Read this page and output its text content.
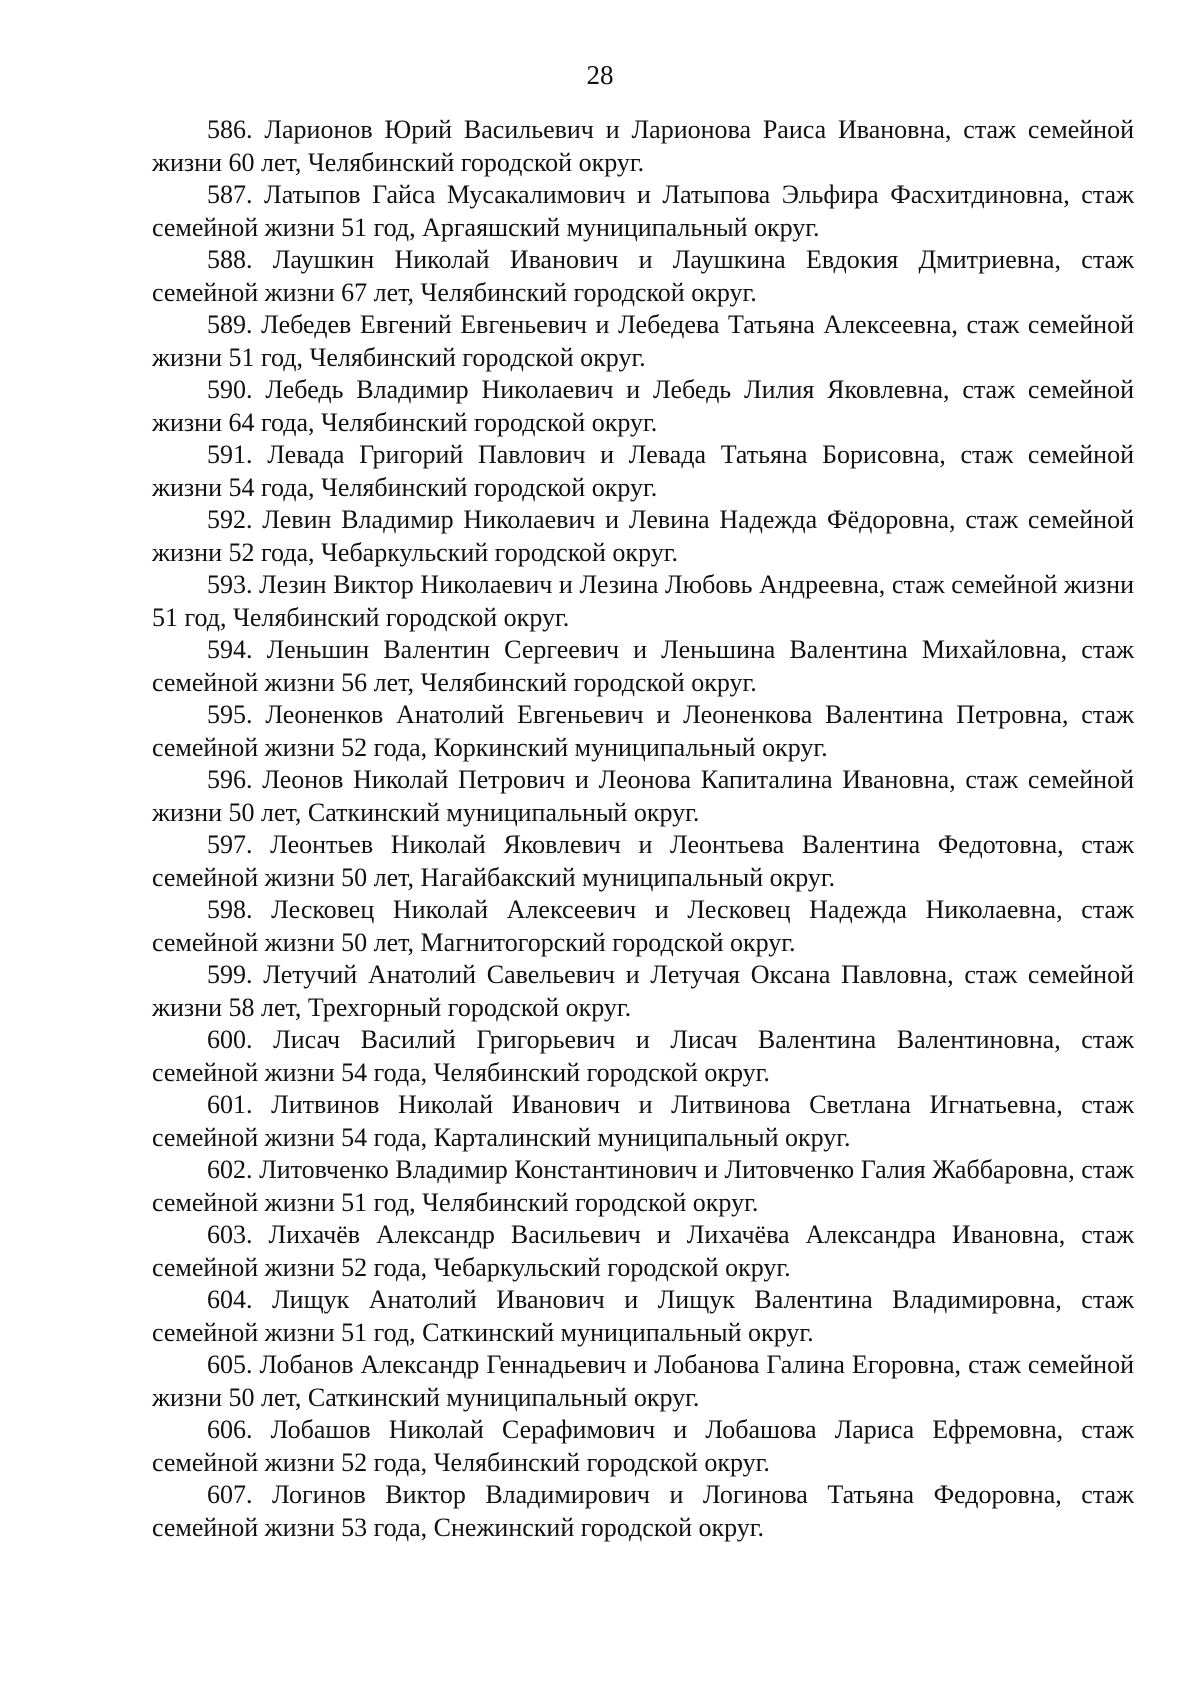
28
586. Ларионов Юрий Васильевич и Ларионова Раиса Ивановна, стаж семейной жизни 60 лет, Челябинский городской округ.
587. Латыпов Гайса Мусакалимович и Латыпова Эльфира Фасхитдиновна, стаж семейной жизни 51 год, Аргаяшский муниципальный округ.
588. Лаушкин Николай Иванович и Лаушкина Евдокия Дмитриевна, стаж семейной жизни 67 лет, Челябинский городской округ.
589. Лебедев Евгений Евгеньевич и Лебедева Татьяна Алексеевна, стаж семейной жизни 51 год, Челябинский городской округ.
590. Лебедь Владимир Николаевич и Лебедь Лилия Яковлевна, стаж семейной жизни 64 года, Челябинский городской округ.
591. Левада Григорий Павлович и Левада Татьяна Борисовна, стаж семейной жизни 54 года, Челябинский городской округ.
592. Левин Владимир Николаевич и Левина Надежда Фёдоровна, стаж семейной жизни 52 года, Чебаркульский городской округ.
593. Лезин Виктор Николаевич и Лезина Любовь Андреевна, стаж семейной жизни 51 год, Челябинский городской округ.
594. Леньшин Валентин Сергеевич и Леньшина Валентина Михайловна, стаж семейной жизни 56 лет, Челябинский городской округ.
595. Леоненков Анатолий Евгеньевич и Леоненкова Валентина Петровна, стаж семейной жизни 52 года, Коркинский муниципальный округ.
596. Леонов Николай Петрович и Леонова Капиталина Ивановна, стаж семейной жизни 50 лет, Саткинский муниципальный округ.
597. Леонтьев Николай Яковлевич и Леонтьева Валентина Федотовна, стаж семейной жизни 50 лет, Нагайбакский муниципальный округ.
598. Лесковец Николай Алексеевич и Лесковец Надежда Николаевна, стаж семейной жизни 50 лет, Магнитогорский городской округ.
599. Летучий Анатолий Савельевич и Летучая Оксана Павловна, стаж семейной жизни 58 лет, Трехгорный городской округ.
600. Лисач Василий Григорьевич и Лисач Валентина Валентиновна, стаж семейной жизни 54 года, Челябинский городской округ.
601. Литвинов Николай Иванович и Литвинова Светлана Игнатьевна, стаж семейной жизни 54 года, Карталинский муниципальный округ.
602. Литовченко Владимир Константинович и Литовченко Галия Жаббаровна, стаж семейной жизни 51 год, Челябинский городской округ.
603. Лихачёв Александр Васильевич и Лихачёва Александра Ивановна, стаж семейной жизни 52 года, Чебаркульский городской округ.
604. Лищук Анатолий Иванович и Лищук Валентина Владимировна, стаж семейной жизни 51 год, Саткинский муниципальный округ.
605. Лобанов Александр Геннадьевич и Лобанова Галина Егоровна, стаж семейной жизни 50 лет, Саткинский муниципальный округ.
606. Лобашов Николай Серафимович и Лобашова Лариса Ефремовна, стаж семейной жизни 52 года, Челябинский городской округ.
607. Логинов Виктор Владимирович и Логинова Татьяна Федоровна, стаж семейной жизни 53 года, Снежинский городской округ.
